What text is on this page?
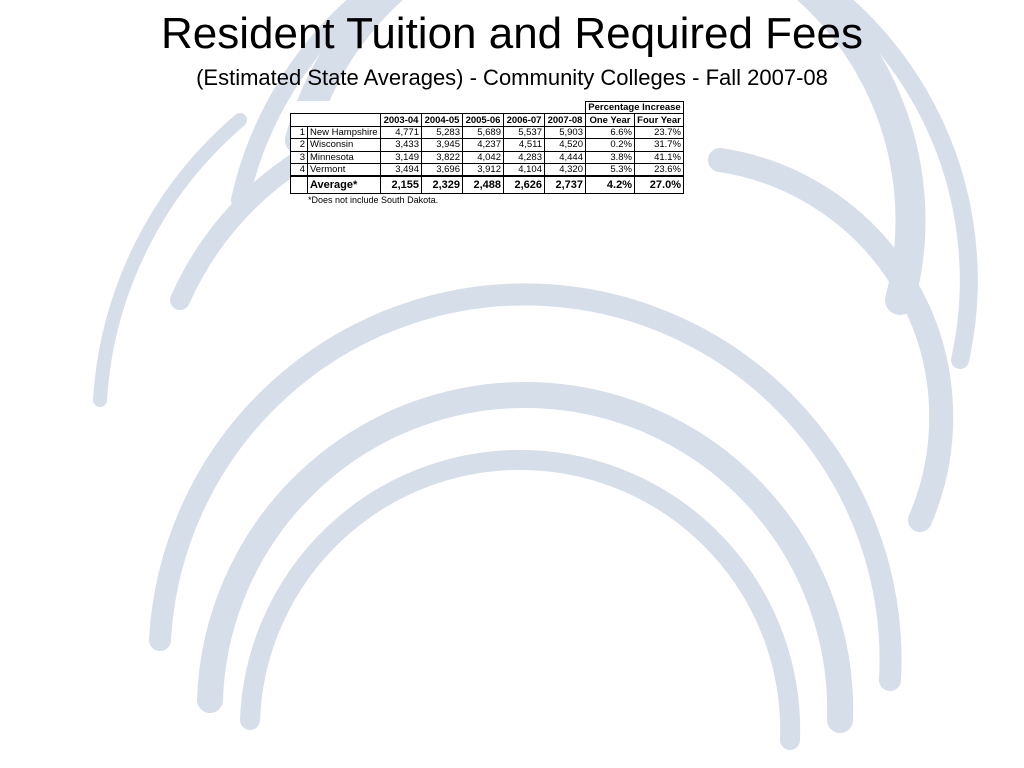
Resident Tuition and Required Fees
(Estimated State Averages) - Community Colleges - Fall 2007-08
							Percentage Increase	
		2003-04	2004-05	2005-06	2006-07	2007-08	One Year	Four Year
1	New Hampshire	4,771	5,283	5,689	5,537	5,903	6.6%	23.7%
2	Wisconsin	3,433	3,945	4,237	4,511	4,520	0.2%	31.7%
3	Minnesota	3,149	3,822	4,042	4,283	4,444	3.8%	41.1%
4	Vermont	3,494	3,696	3,912	4,104	4,320	5.3%	23.6%
	Average*	2,155	2,329	2,488	2,626	2,737	4.2%	27.0%
*Does not include South Dakota.
